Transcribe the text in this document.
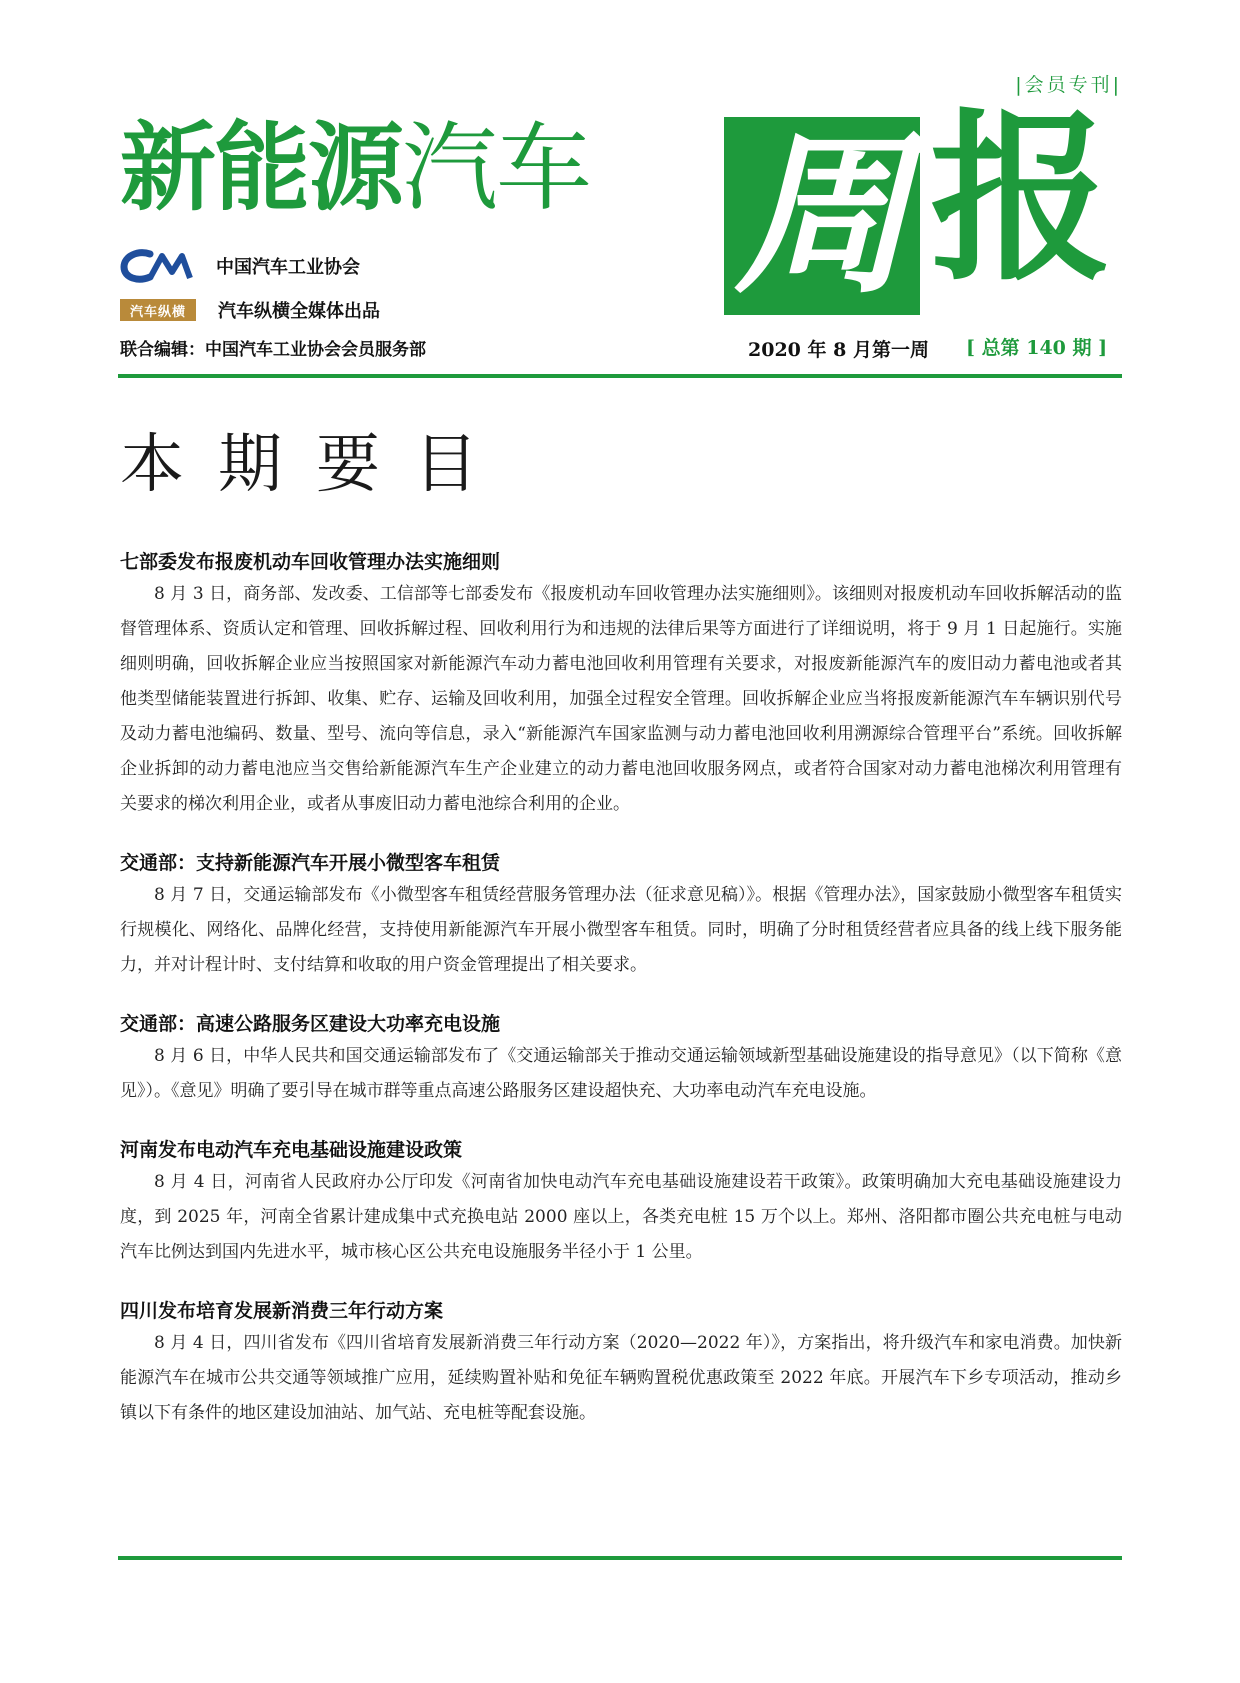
|会员专刊|
新能源汽车 周 报
中国汽车工业协会
汽车纵横	汽车纵横全媒体出品
联合编辑：中国汽车工业协会会员服务部	2020 年 8 月第一周 [ 总第 140 期 ]
本期要目
七部委发布报废机动车回收管理办法实施细则

8 月 3 日，商务部、发改委、工信部等七部委发布《报废机动车回收管理办法实施细则》。该细则对报废机动车回收拆解活动的监督管理体系、资质认定和管理、回收拆解过程、回收利用行为和违规的法律后果等方面进行了详细说明，将于 9 月 1 日起施行。实施细则明确，回收拆解企业应当按照国家对新能源汽车动力蓄电池回收利用管理有关要求，对报废新能源汽车的废旧动力蓄电池或者其他类型储能装置进行拆卸、收集、贮存、运输及回收利用，加强全过程安全管理。回收拆解企业应当将报废新能源汽车车辆识别代号及动力蓄电池编码、数量、型号、流向等信息，录入“新能源汽车国家监测与动力蓄电池回收利用溯源综合管理平台”系统。回收拆解企业拆卸的动力蓄电池应当交售给新能源汽车生产企业建立的动力蓄电池回收服务网点，或者符合国家对动力蓄电池梯次利用管理有关要求的梯次利用企业，或者从事废旧动力蓄电池综合利用的企业。

交通部：支持新能源汽车开展小微型客车租赁

8 月 7 日，交通运输部发布《小微型客车租赁经营服务管理办法（征求意见稿）》。根据《管理办法》，国家鼓励小微型客车租赁实行规模化、网络化、品牌化经营，支持使用新能源汽车开展小微型客车租赁。同时，明确了分时租赁经营者应具备的线上线下服务能力，并对计程计时、支付结算和收取的用户资金管理提出了相关要求。

交通部：高速公路服务区建设大功率充电设施

8 月 6 日，中华人民共和国交通运输部发布了《交通运输部关于推动交通运输领域新型基础设施建设的指导意见》（以下简称《意见》）。《意见》明确了要引导在城市群等重点高速公路服务区建设超快充、大功率电动汽车充电设施。

河南发布电动汽车充电基础设施建设政策

8 月 4 日，河南省人民政府办公厅印发《河南省加快电动汽车充电基础设施建设若干政策》。政策明确加大充电基础设施建设力度，到 2025 年，河南全省累计建成集中式充换电站 2000 座以上，各类充电桩 15 万个以上。郑州、洛阳都市圈公共充电桩与电动汽车比例达到国内先进水平，城市核心区公共充电设施服务半径小于 1 公里。

四川发布培育发展新消费三年行动方案

8 月 4 日，四川省发布《四川省培育发展新消费三年行动方案（2020—2022 年）》，方案指出，将升级汽车和家电消费。加快新能源汽车在城市公共交通等领域推广应用，延续购置补贴和免征车辆购置税优惠政策至 2022 年底。开展汽车下乡专项活动，推动乡镇以下有条件的地区建设加油站、加气站、充电桩等配套设施。
